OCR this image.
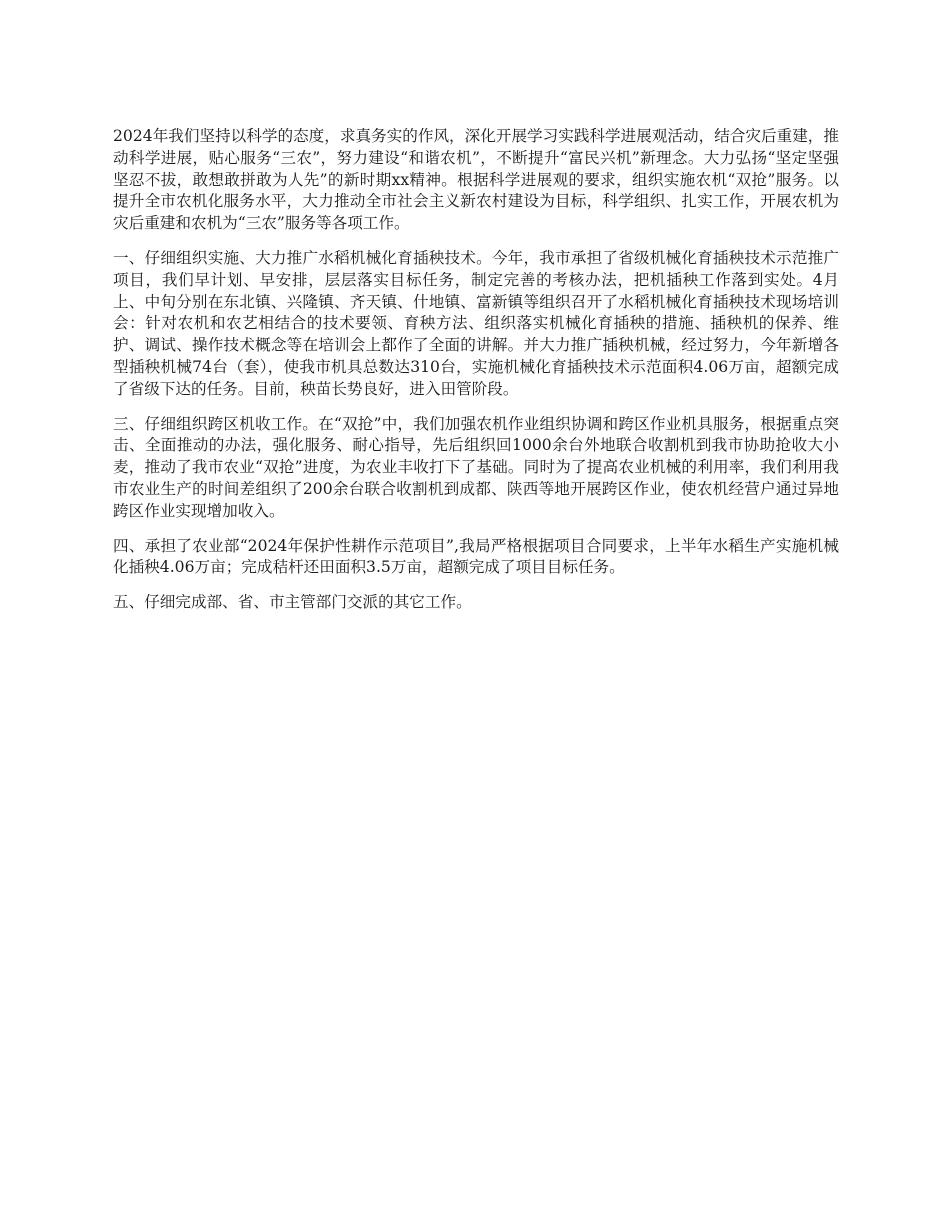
2024年我们坚持以科学的态度，求真务实的作风，深化开展学习实践科学进展观活动，结合灾后重建，推动科学进展，贴心服务“三农”，努力建设“和谐农机”，不断提升“富民兴机”新理念。大力弘扬“坚定坚强坚忍不拔，敢想敢拼敢为人先”的新时期xx精神。根据科学进展观的要求，组织实施农机“双抢”服务。以提升全市农机化服务水平，大力推动全市社会主义新农村建设为目标，科学组织、扎实工作，开展农机为灾后重建和农机为“三农”服务等各项工作。

一、仔细组织实施、大力推广水稻机械化育插秧技术。今年，我市承担了省级机械化育插秧技术示范推广项目，我们早计划、早安排，层层落实目标任务，制定完善的考核办法，把机插秧工作落到实处。4月上、中旬分别在东北镇、兴隆镇、齐天镇、什地镇、富新镇等组织召开了水稻机械化育插秧技术现场培训会：针对农机和农艺相结合的技术要领、育秧方法、组织落实机械化育插秧的措施、插秧机的保养、维护、调试、操作技术概念等在培训会上都作了全面的讲解。并大力推广插秧机械，经过努力，今年新增各型插秧机械74台（套），使我市机具总数达310台，实施机械化育插秧技术示范面积4.06万亩，超额完成了省级下达的任务。目前，秧苗长势良好，进入田管阶段。

三、仔细组织跨区机收工作。在“双抢”中，我们加强农机作业组织协调和跨区作业机具服务，根据重点突击、全面推动的办法，强化服务、耐心指导，先后组织回1000余台外地联合收割机到我市协助抢收大小麦，推动了我市农业“双抢”进度，为农业丰收打下了基础。同时为了提高农业机械的利用率，我们利用我市农业生产的时间差组织了200余台联合收割机到成都、陕西等地开展跨区作业，使农机经营户通过异地跨区作业实现增加收入。

四、承担了农业部“2024年保护性耕作示范项目”,我局严格根据项目合同要求，上半年水稻生产实施机械化插秧4.06万亩；完成秸杆还田面积3.5万亩，超额完成了项目目标任务。

五、仔细完成部、省、市主管部门交派的其它工作。
